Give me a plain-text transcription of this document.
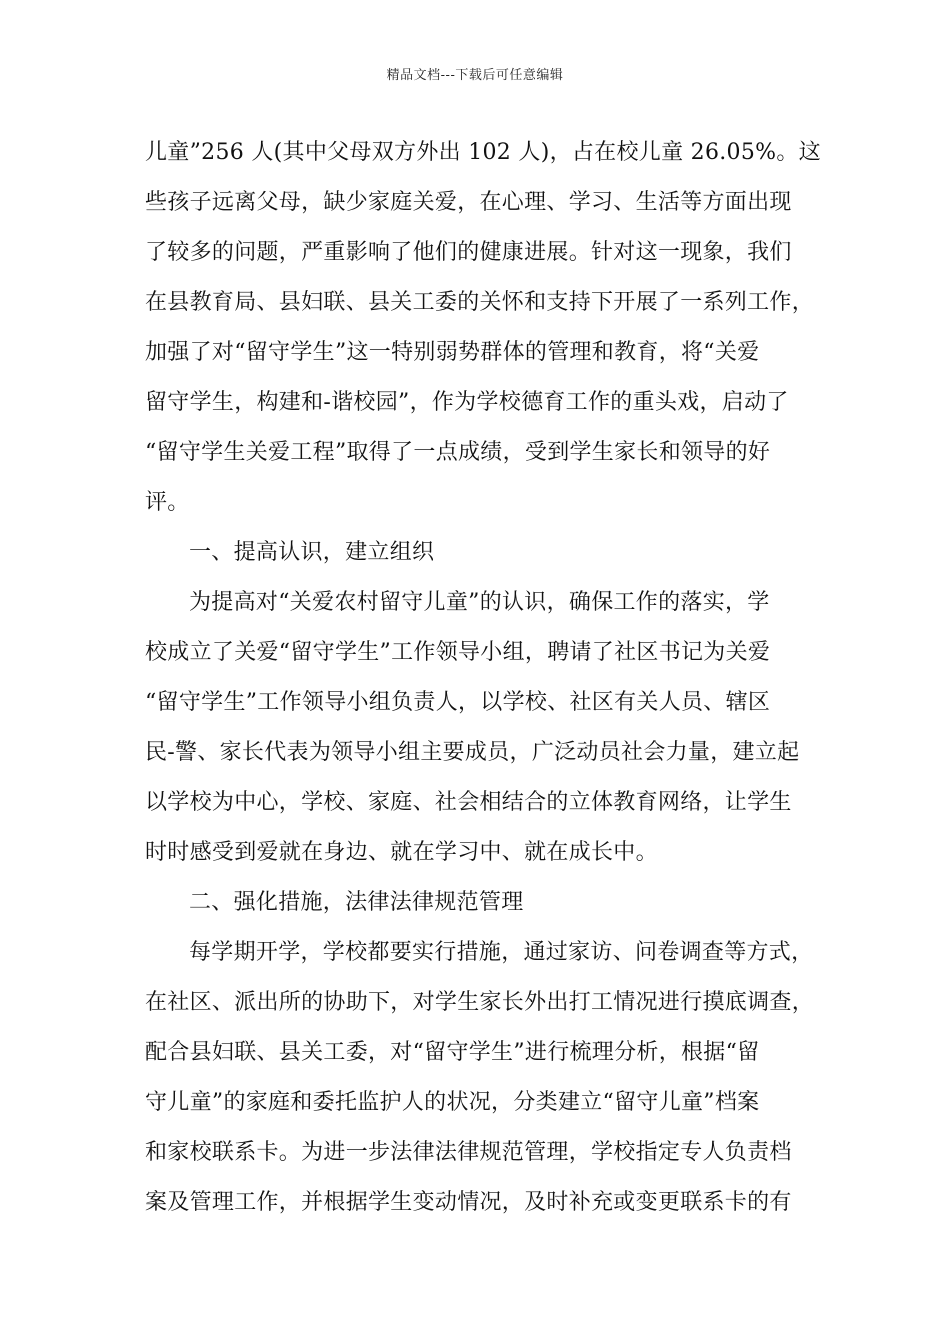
精品文档---下载后可任意编辑
儿童”256 人(其中父母双方外出 102 人)，占在校儿童 26.05%。这
些孩子远离父母，缺少家庭关爱，在心理、学习、生活等方面出现
了较多的问题，严重影响了他们的健康进展。针对这一现象，我们
在县教育局、县妇联、县关工委的关怀和支持下开展了一系列工作，
加强了对“留守学生”这一特别弱势群体的管理和教育，将“关爱
留守学生，构建和-谐校园”，作为学校德育工作的重头戏，启动了
“留守学生关爱工程”取得了一点成绩，受到学生家长和领导的好
评。
一、提高认识，建立组织
为提高对“关爱农村留守儿童”的认识，确保工作的落实，学
校成立了关爱“留守学生”工作领导小组，聘请了社区书记为关爱
“留守学生”工作领导小组负责人，以学校、社区有关人员、辖区
民-警、家长代表为领导小组主要成员，广泛动员社会力量，建立起
以学校为中心，学校、家庭、社会相结合的立体教育网络，让学生
时时感受到爱就在身边、就在学习中、就在成长中。
二、强化措施，法律法律规范管理
每学期开学，学校都要实行措施，通过家访、问卷调查等方式，
在社区、派出所的协助下，对学生家长外出打工情况进行摸底调查，
配合县妇联、县关工委，对“留守学生”进行梳理分析，根据“留
守儿童”的家庭和委托监护人的状况，分类建立“留守儿童”档案
和家校联系卡。为进一步法律法律规范管理，学校指定专人负责档
案及管理工作，并根据学生变动情况，及时补充或变更联系卡的有
